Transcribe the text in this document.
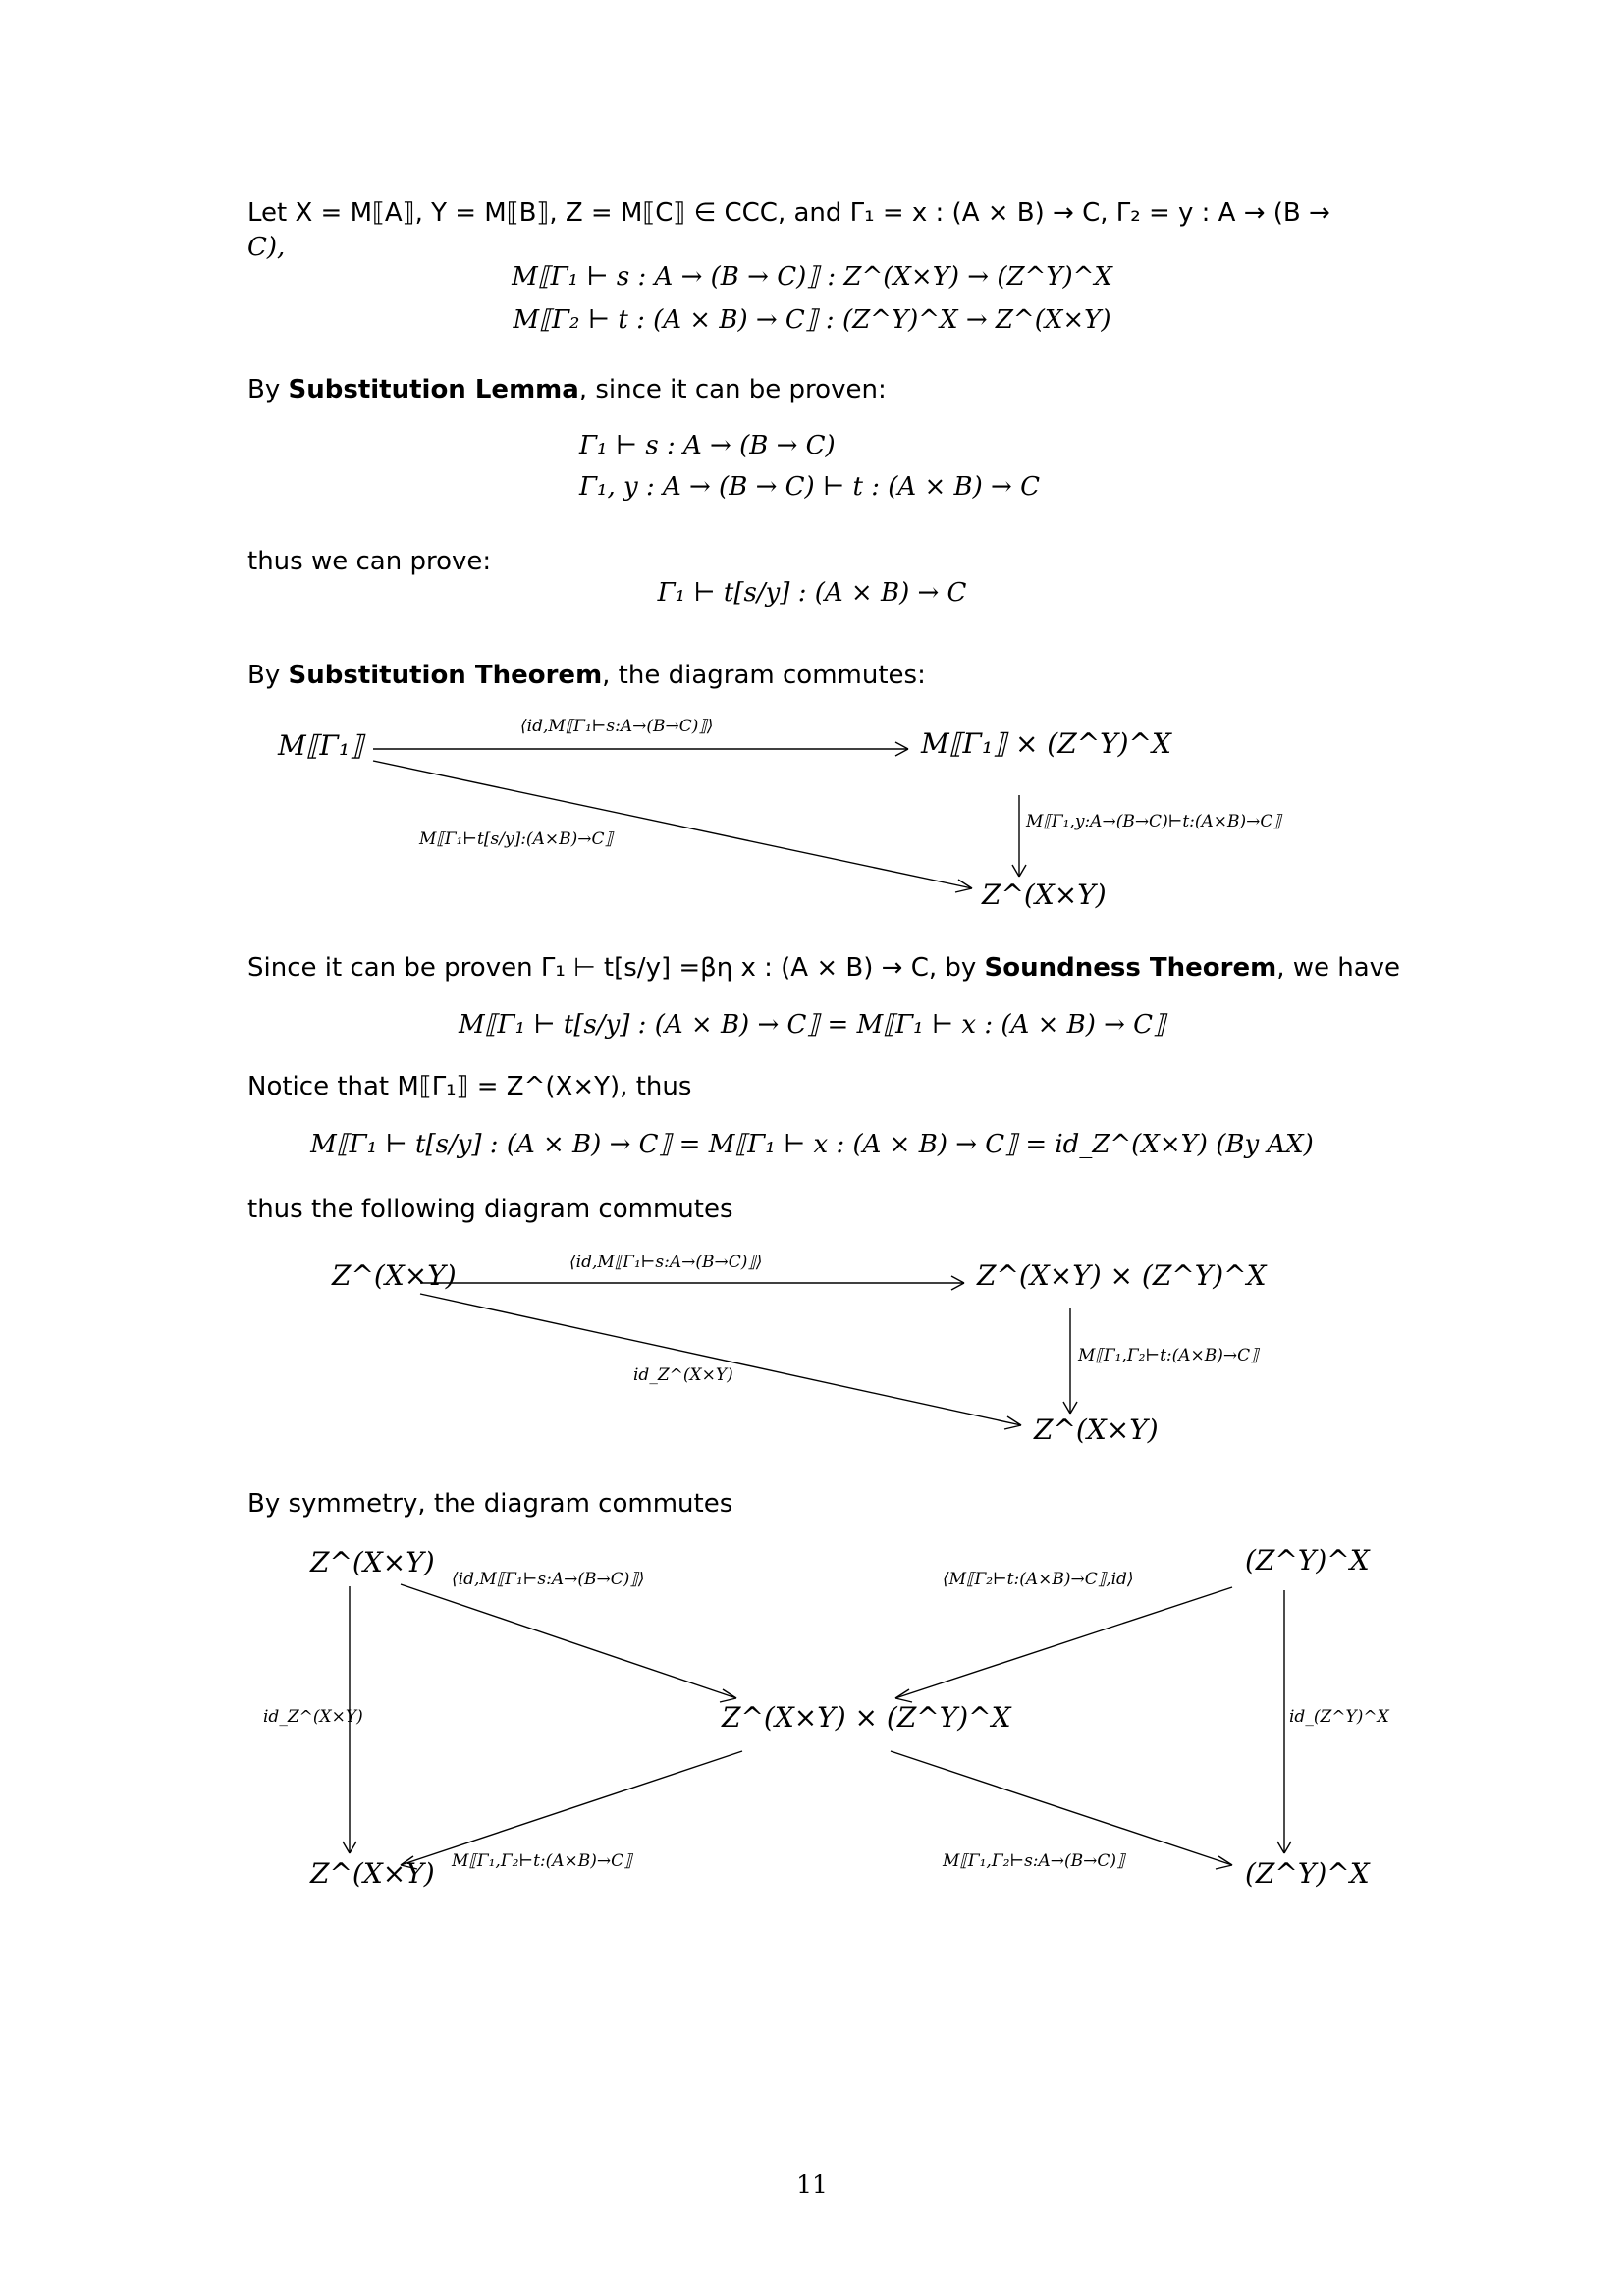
Let X = M⟦A⟧, Y = M⟦B⟧, Z = M⟦C⟧ ∈ CCC, and Γ₁ = x : (A × B) → C, Γ₂ = y : A → (B →
C),
M⟦Γ₁ ⊢ s : A → (B → C)⟧ : Z^(X×Y) → (Z^Y)^X
M⟦Γ₂ ⊢ t : (A × B) → C⟧ : (Z^Y)^X → Z^(X×Y)
By Substitution Lemma, since it can be proven:
Γ₁ ⊢ s : A → (B → C)
Γ₁, y : A → (B → C) ⊢ t : (A × B) → C
thus we can prove:
Γ₁ ⊢ t[s/y] : (A × B) → C
By Substitution Theorem, the diagram commutes:
M⟦Γ₁⟧	M⟦Γ₁⟧ × (Z^Y)^X
Z^(X×Y)
⟨id,M⟦Γ₁⊢s:A→(B→C)⟧⟩
M⟦Γ₁,y:A→(B→C)⊢t:(A×B)→C⟧
M⟦Γ₁⊢t[s/y]:(A×B)→C⟧
Since it can be proven Γ₁ ⊢ t[s/y] =βη x : (A × B) → C, by Soundness Theorem, we have
M⟦Γ₁ ⊢ t[s/y] : (A × B) → C⟧ = M⟦Γ₁ ⊢ x : (A × B) → C⟧
Notice that M⟦Γ₁⟧ = Z^(X×Y), thus
M⟦Γ₁ ⊢ t[s/y] : (A × B) → C⟧ = M⟦Γ₁ ⊢ x : (A × B) → C⟧ = id_Z^(X×Y) (By AX)
thus the following diagram commutes
Z^(X×Y)	Z^(X×Y) × (Z^Y)^X
Z^(X×Y)
⟨id,M⟦Γ₁⊢s:A→(B→C)⟧⟩
M⟦Γ₁,Γ₂⊢t:(A×B)→C⟧
id_Z^(X×Y)
By symmetry, the diagram commutes
Z^(X×Y)	(Z^Y)^X
Z^(X×Y) × (Z^Y)^X
Z^(X×Y)	(Z^Y)^X
⟨id,M⟦Γ₁⊢s:A→(B→C)⟧⟩	⟨M⟦Γ₂⊢t:(A×B)→C⟧,id⟩
id_Z^(X×Y)	id_(Z^Y)^X
M⟦Γ₁,Γ₂⊢t:(A×B)→C⟧	M⟦Γ₁,Γ₂⊢s:A→(B→C)⟧
11
